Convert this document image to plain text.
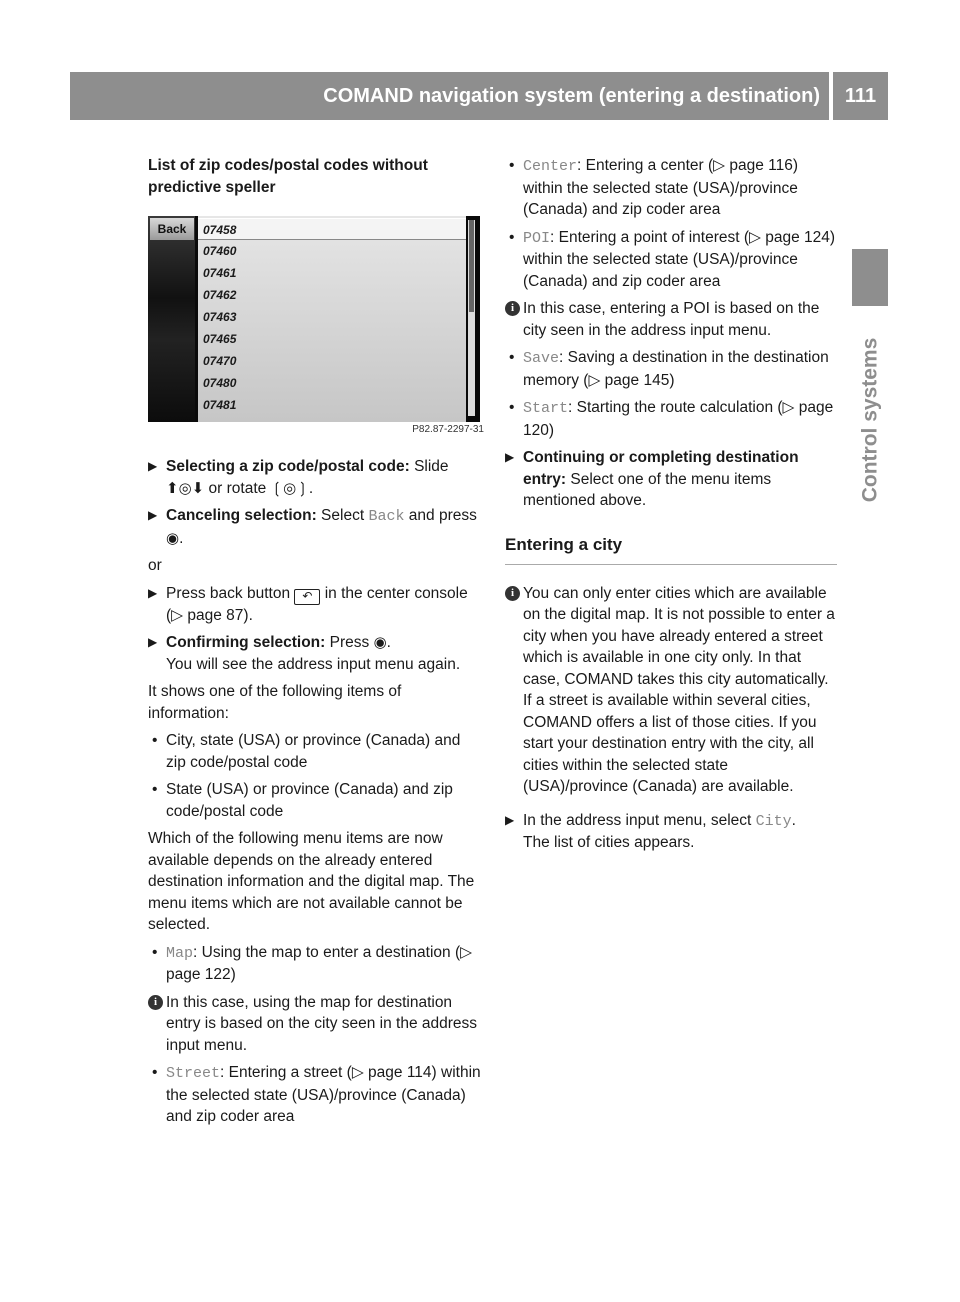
COMAND navigation system (entering a destination)	111
Control systems

List of zip codes/postal codes without predictive speller

Back	07458
07460
07461
07462
07463
07465
07470
07480
07481
P82.87-2297-31
▶ Selecting a zip code/postal code: Slide ⬆◎⬇ or rotate ❲◎❳.
▶ Canceling selection: Select Back and press ◉.

or

▶ Press back button ↶ in the center console (▷ page 87).
▶ Confirming selection: Press ◉.
You will see the address input menu again.

It shows one of the following items of information:

• City, state (USA) or province (Canada) and zip code/postal code
• State (USA) or province (Canada) and zip code/postal code

Which of the following menu items are now available depends on the already entered destination information and the digital map. The menu items which are not available cannot be selected.

• Map: Using the map to enter a destination (▷ page 122)
i In this case, using the map for destination entry is based on the city seen in the address input menu.
• Street: Entering a street (▷ page 114) within the selected state (USA)/province (Canada) and zip coder area
• Center: Entering a center (▷ page 116) within the selected state (USA)/province (Canada) and zip coder area
• POI: Entering a point of interest (▷ page 124) within the selected state (USA)/province (Canada) and zip coder area
i In this case, entering a POI is based on the city seen in the address input menu.
• Save: Saving a destination in the destination memory (▷ page 145)
• Start: Starting the route calculation (▷ page 120)
▶ Continuing or completing destination entry: Select one of the menu items mentioned above.
Entering a city
i You can only enter cities which are available on the digital map. It is not possible to enter a city when you have already entered a street which is available in one city only. In that case, COMAND takes this city automatically. If a street is available within several cities, COMAND offers a list of those cities. If you start your destination entry with the city, all cities within the selected state (USA)/province (Canada) are available.
▶ In the address input menu, select City.
The list of cities appears.
